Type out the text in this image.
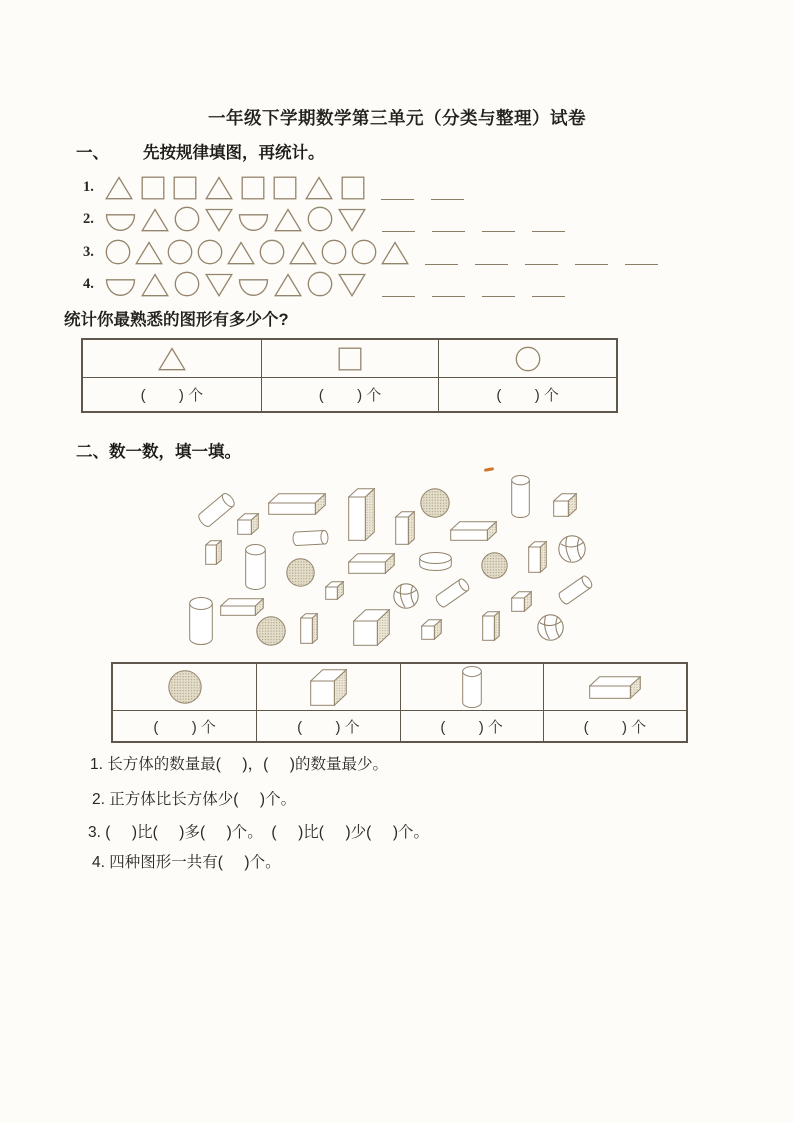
一年级下学期数学第三单元（分类与整理）试卷
一、 先按规律填图，再统计。
1.
2.
3.
4.
统计你最熟悉的图形有多少个?
(        ) 个	(        ) 个	(        ) 个
二、数一数，填一填。
(        ) 个	(        ) 个	(        ) 个	(        ) 个
1. 长方体的数量最(     )，(     )的数量最少。
2. 正方体比长方体少(     )个。
3. (     )比(     )多(     )个。  (     )比(     )少(     )个。
4. 四种图形一共有(     )个。
